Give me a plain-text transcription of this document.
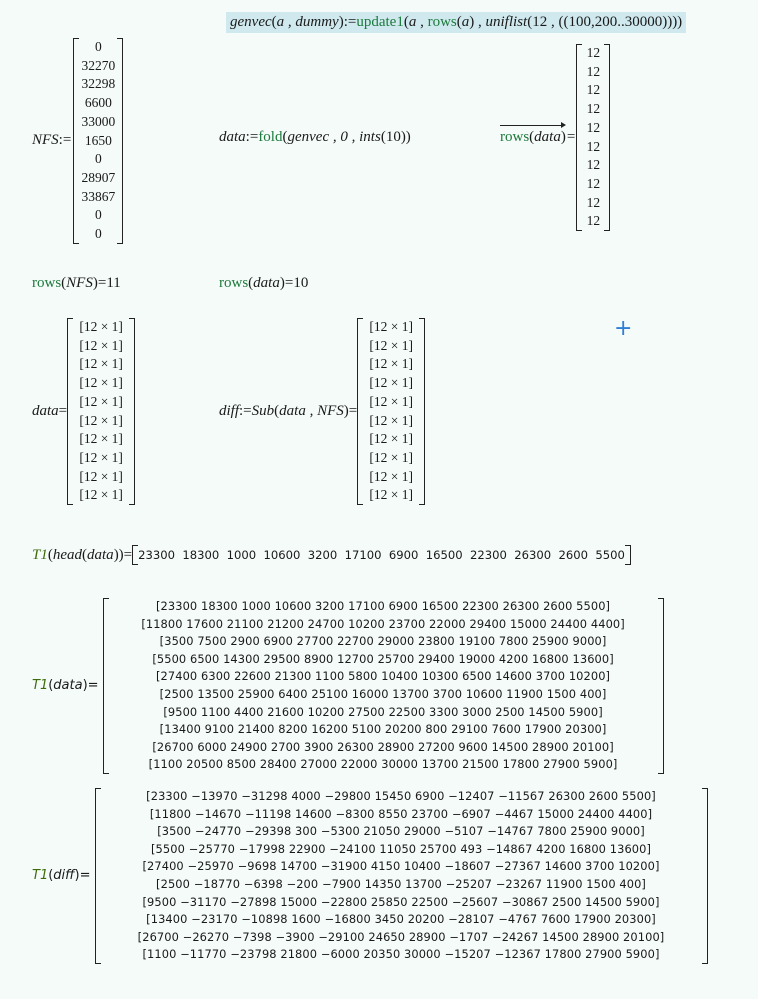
genvec ( a , dummy ) := update1 ( a , rows ( a ) , uniflist ( 12 , ((100,200..30000)) ))
NFS :=
0
32270
32298
6600
33000
1650
0
28907
33867
0
0
data := fold ( genvec , 0 , ints ( 10 ))	rows(data) =
12
12
12
12
12
12
12
12
12
12
rows ( NFS ) = 11	rows ( data ) = 10
data =
[12 × 1]
[12 × 1]
[12 × 1]
[12 × 1]
[12 × 1]
[12 × 1]
[12 × 1]
[12 × 1]
[12 × 1]
[12 × 1]
diff := Sub ( data , NFS )=
[12 × 1]
[12 × 1]
[12 × 1]
[12 × 1]
[12 × 1]
[12 × 1]
[12 × 1]
[12 × 1]
[12 × 1]
[12 × 1]
+
T1 ( head ( data ))= 23300  18300  1000  10600  3200  17100  6900  16500  22300  26300  2600  5500
T1 ( data )=
[23300 18300 1000 10600 3200 17100 6900 16500 22300 26300 2600 5500]
[11800 17600 21100 21200 24700 10200 23700 22000 29400 15000 24400 4400]
[3500 7500 2900 6900 27700 22700 29000 23800 19100 7800 25900 9000]
[5500 6500 14300 29500 8900 12700 25700 29400 19000 4200 16800 13600]
[27400 6300 22600 21300 1100 5800 10400 10300 6500 14600 3700 10200]
[2500 13500 25900 6400 25100 16000 13700 3700 10600 11900 1500 400]
[9500 1100 4400 21600 10200 27500 22500 3300 3000 2500 14500 5900]
[13400 9100 21400 8200 16200 5100 20200 800 29100 7600 17900 20300]
[26700 6000 24900 2700 3900 26300 28900 27200 9600 14500 28900 20100]
[1100 20500 8500 28400 27000 22000 30000 13700 21500 17800 27900 5900]
T1 ( diff )=
[23300 −13970 −31298 4000 −29800 15450 6900 −12407 −11567 26300 2600 5500]
[11800 −14670 −11198 14600 −8300 8550 23700 −6907 −4467 15000 24400 4400]
[3500 −24770 −29398 300 −5300 21050 29000 −5107 −14767 7800 25900 9000]
[5500 −25770 −17998 22900 −24100 11050 25700 493 −14867 4200 16800 13600]
[27400 −25970 −9698 14700 −31900 4150 10400 −18607 −27367 14600 3700 10200]
[2500 −18770 −6398 −200 −7900 14350 13700 −25207 −23267 11900 1500 400]
[9500 −31170 −27898 15000 −22800 25850 22500 −25607 −30867 2500 14500 5900]
[13400 −23170 −10898 1600 −16800 3450 20200 −28107 −4767 7600 17900 20300]
[26700 −26270 −7398 −3900 −29100 24650 28900 −1707 −24267 14500 28900 20100]
[1100 −11770 −23798 21800 −6000 20350 30000 −15207 −12367 17800 27900 5900]
